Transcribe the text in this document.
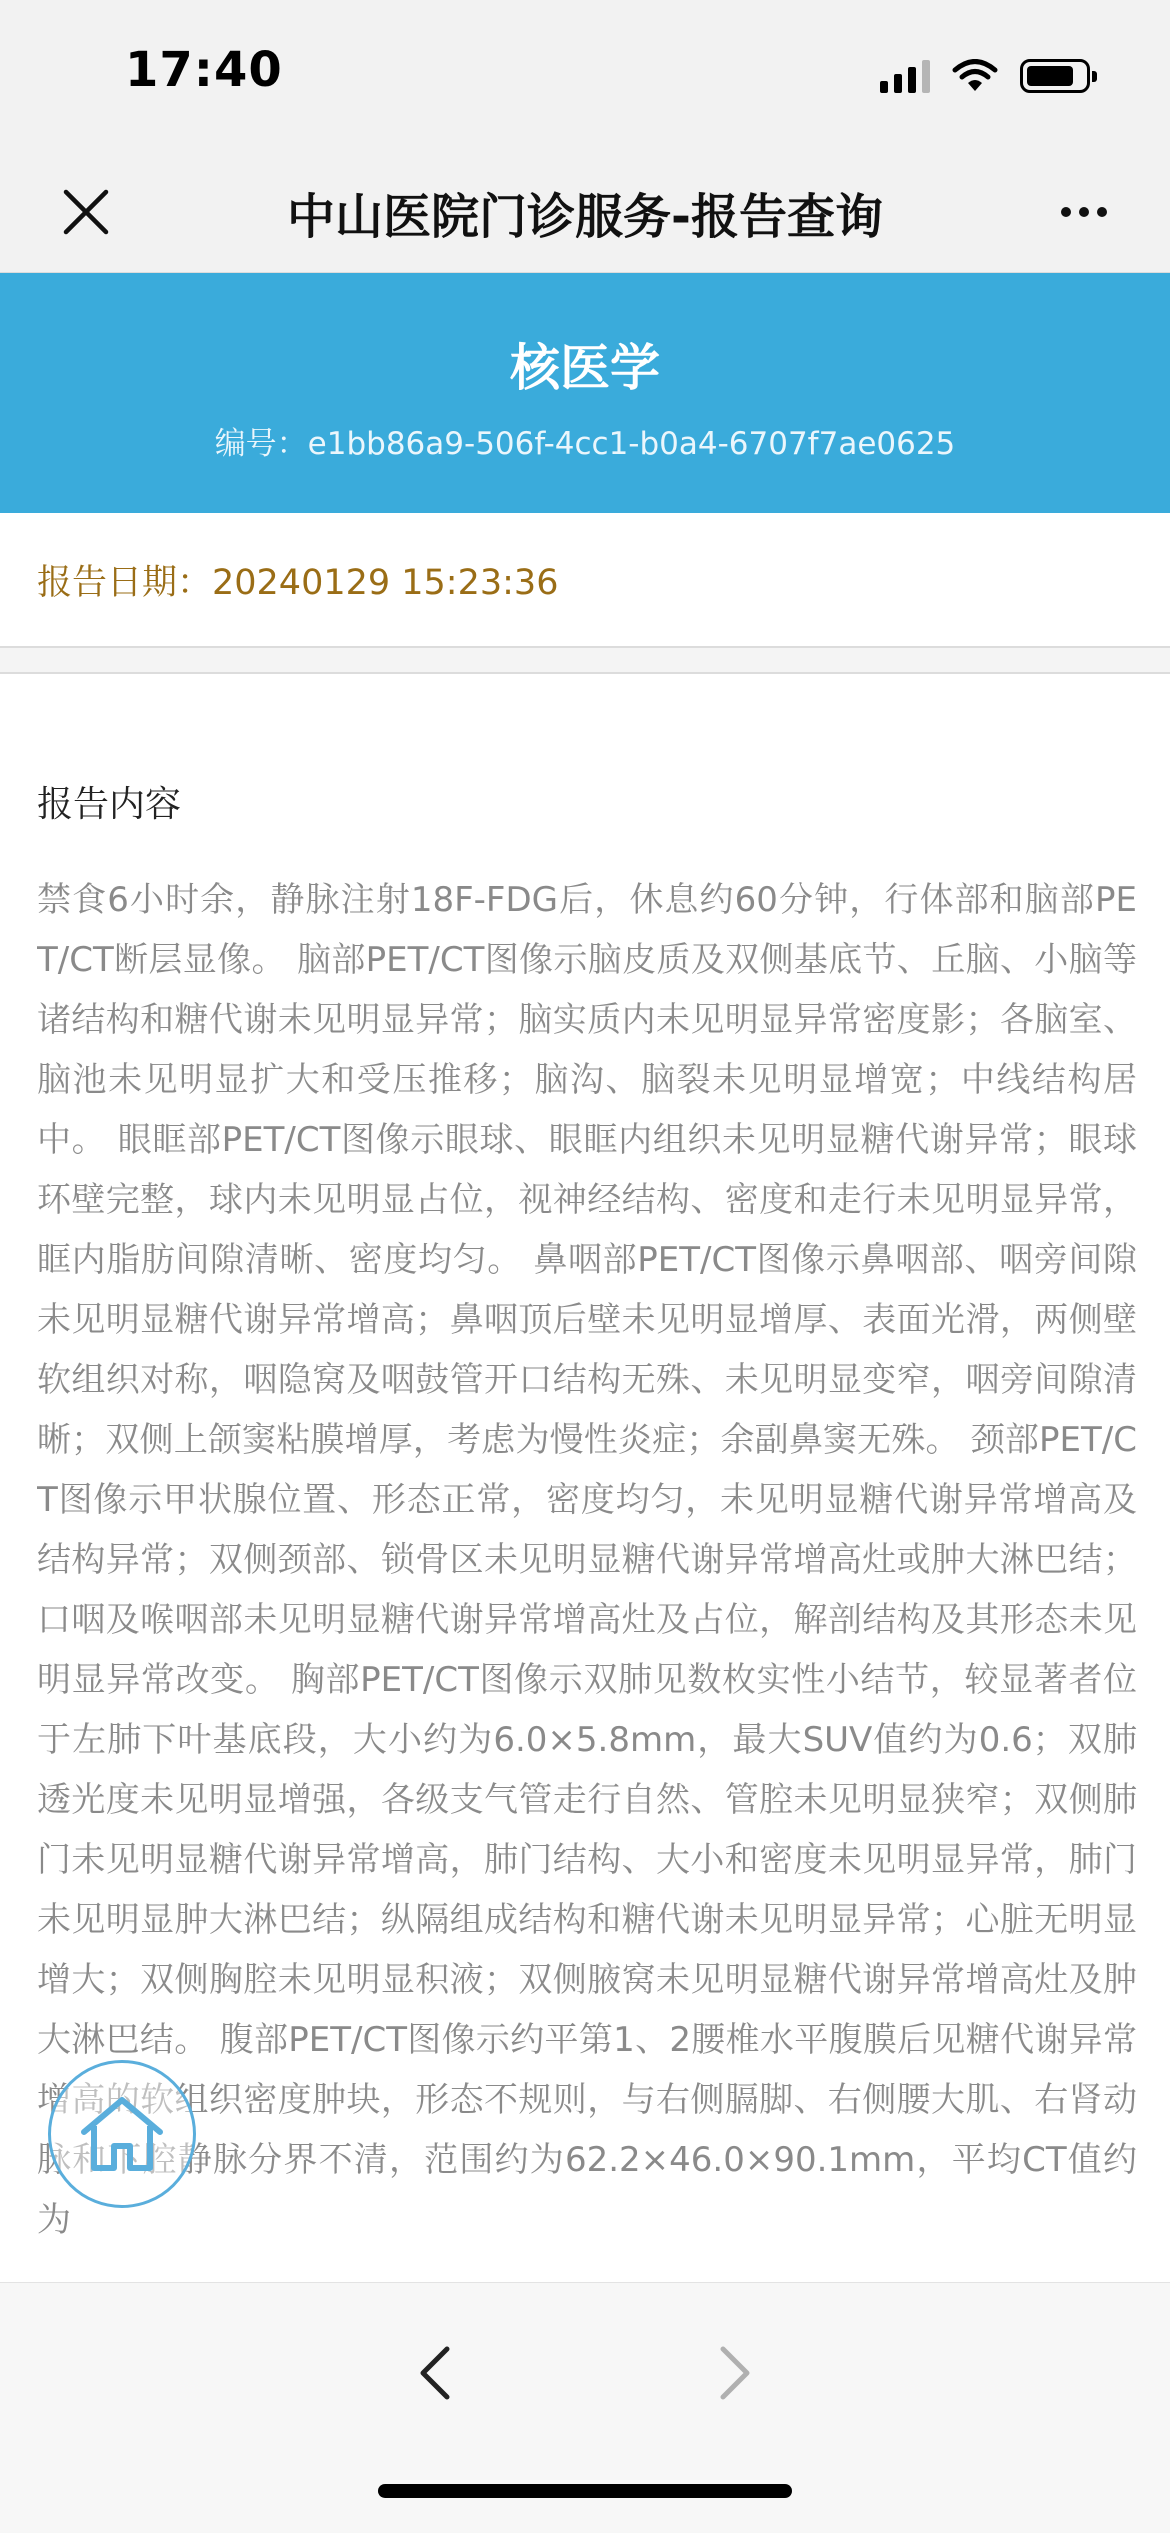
17:40
中山医院门诊服务-报告查询
核医学
编号：e1bb86a9-506f-4cc1-b0a4-6707f7ae0625
报告日期：20240129 15:23:36
报告内容

禁食6小时余，静脉注射18F-FDG后，休息约60分钟，行体部和脑部PET/CT断层显像。 脑部PET/CT图像示脑皮质及双侧基底节、丘脑、小脑等诸结构和糖代谢未见明显异常；脑实质内未见明显异常密度影；各脑室、脑池未见明显扩大和受压推移；脑沟、脑裂未见明显增宽；中线结构居中。 眼眶部PET/CT图像示眼球、眼眶内组织未见明显糖代谢异常；眼球环壁完整，球内未见明显占位，视神经结构、密度和走行未见明显异常，眶内脂肪间隙清晰、密度均匀。 鼻咽部PET/CT图像示鼻咽部、咽旁间隙未见明显糖代谢异常增高；鼻咽顶后壁未见明显增厚、表面光滑，两侧壁软组织对称，咽隐窝及咽鼓管开口结构无殊、未见明显变窄，咽旁间隙清晰；双侧上颌窦粘膜增厚，考虑为慢性炎症；余副鼻窦无殊。 颈部PET/CT图像示甲状腺位置、形态正常，密度均匀，未见明显糖代谢异常增高及结构异常；双侧颈部、锁骨区未见明显糖代谢异常增高灶或肿大淋巴结；口咽及喉咽部未见明显糖代谢异常增高灶及占位，解剖结构及其形态未见明显异常改变。 胸部PET/CT图像示双肺见数枚实性小结节，较显著者位于左肺下叶基底段，大小约为6.0×5.8mm，最大SUV值约为0.6；双肺透光度未见明显增强，各级支气管走行自然、管腔未见明显狭窄；双侧肺门未见明显糖代谢异常增高，肺门结构、大小和密度未见明显异常，肺门未见明显肿大淋巴结；纵隔组成结构和糖代谢未见明显异常；心脏无明显增大；双侧胸腔未见明显积液；双侧腋窝未见明显糖代谢异常增高灶及肿大淋巴结。 腹部PET/CT图像示约平第1、2腰椎水平腹膜后见糖代谢异常增高的软组织密度肿块，形态不规则，与右侧膈脚、右侧腰大肌、右肾动脉和下腔静脉分界不清，范围约为62.2×46.0×90.1mm，平均CT值约为
